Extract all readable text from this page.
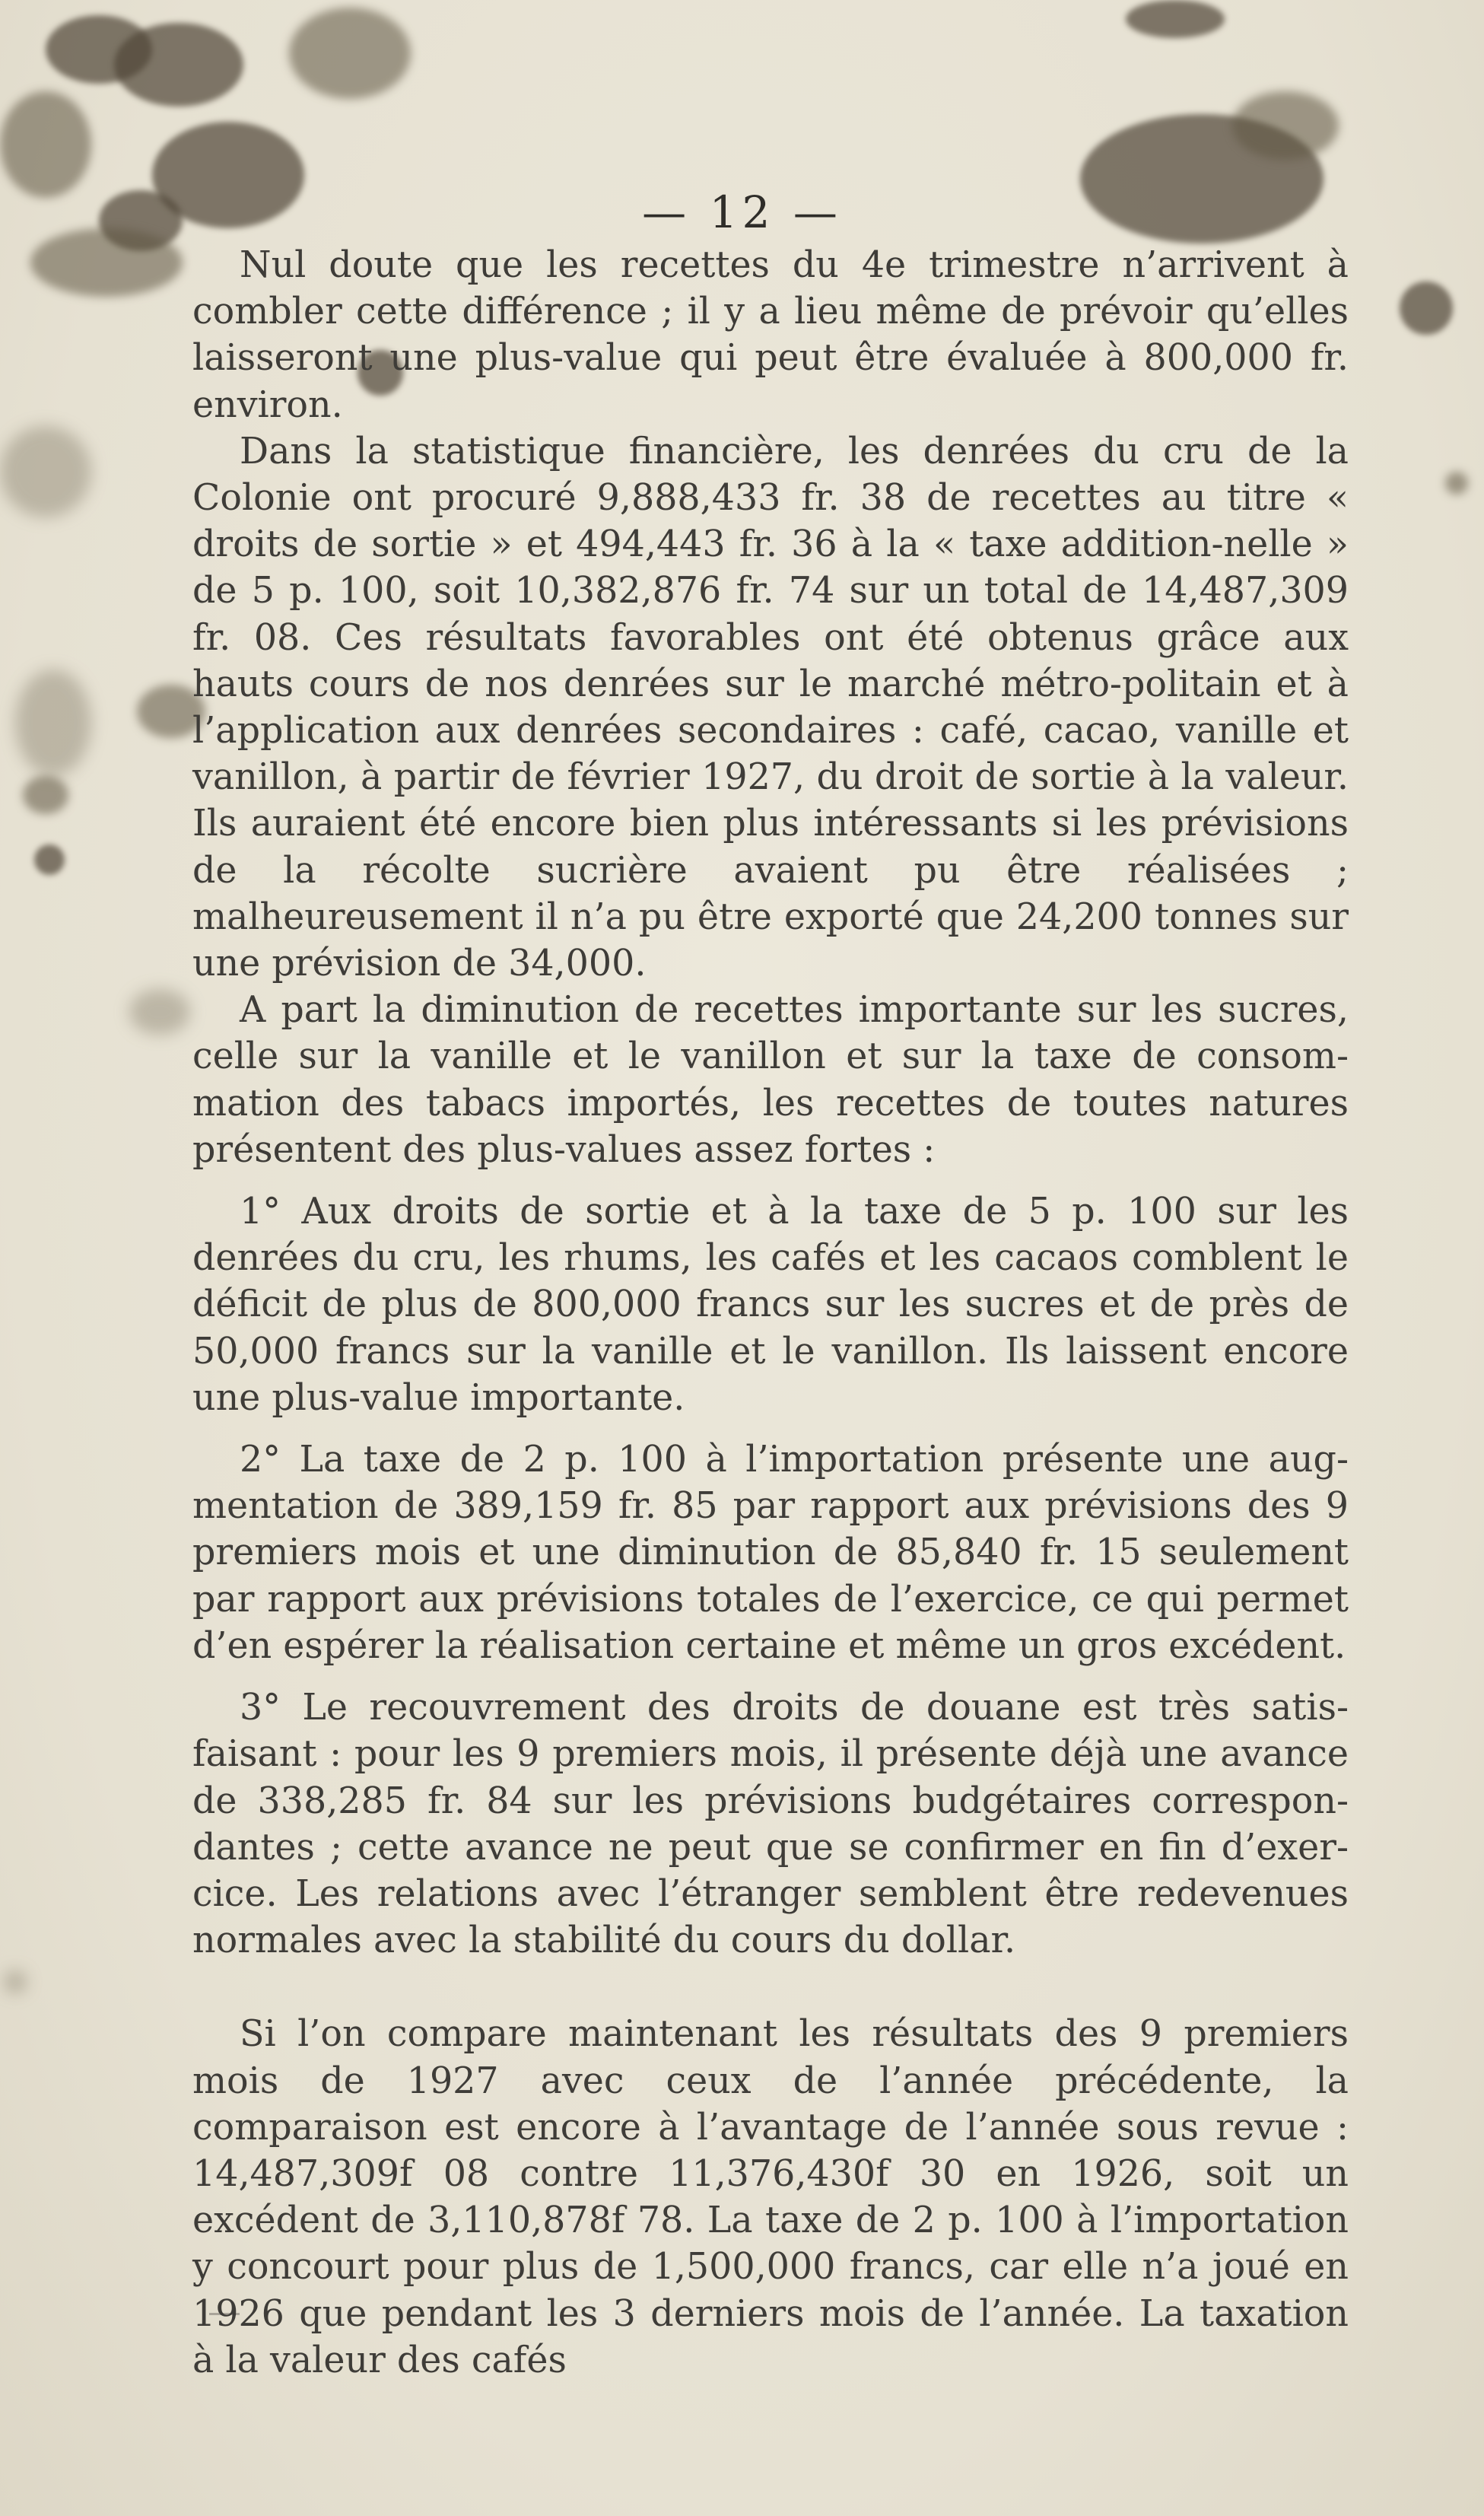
— 12 —

Nul doute que les recettes du 4e trimestre n’arrivent à combler cette différence ; il y a lieu même de prévoir qu’elles laisseront une plus-value qui peut être évaluée à 800,000 fr. environ.

Dans la statistique financière, les denrées du cru de la Colonie ont procuré 9,888,433 fr. 38 de recettes au titre « droits de sortie » et 494,443 fr. 36 à la « taxe addition-nelle » de 5 p. 100, soit 10,382,876 fr. 74 sur un total de 14,487,309 fr. 08. Ces résultats favorables ont été obtenus grâce aux hauts cours de nos denrées sur le marché métro-politain et à l’application aux denrées secondaires : café, cacao, vanille et vanillon, à partir de février 1927, du droit de sortie à la valeur. Ils auraient été encore bien plus intéressants si les prévisions de la récolte sucrière avaient pu être réalisées ; malheureusement il n’a pu être exporté que 24,200 tonnes sur une prévision de 34,000.

A part la diminution de recettes importante sur les sucres, celle sur la vanille et le vanillon et sur la taxe de consom-mation des tabacs importés, les recettes de toutes natures présentent des plus-values assez fortes :

1° Aux droits de sortie et à la taxe de 5 p. 100 sur les denrées du cru, les rhums, les cafés et les cacaos comblent le déficit de plus de 800,000 francs sur les sucres et de près de 50,000 francs sur la vanille et le vanillon. Ils laissent encore une plus-value importante.

2° La taxe de 2 p. 100 à l’importation présente une aug-mentation de 389,159 fr. 85 par rapport aux prévisions des 9 premiers mois et une diminution de 85,840 fr. 15 seulement par rapport aux prévisions totales de l’exercice, ce qui permet d’en espérer la réalisation certaine et même un gros excédent.

3° Le recouvrement des droits de douane est très satis-faisant : pour les 9 premiers mois, il présente déjà une avance de 338,285 fr. 84 sur les prévisions budgétaires correspon-dantes ; cette avance ne peut que se confirmer en fin d’exer-cice. Les relations avec l’étranger semblent être redevenues normales avec la stabilité du cours du dollar.

Si l’on compare maintenant les résultats des 9 premiers mois de 1927 avec ceux de l’année précédente, la comparaison est encore à l’avantage de l’année sous revue : 14,487,309f 08 contre 11,376,430f 30 en 1926, soit un excédent de 3,110,878f 78. La taxe de 2 p. 100 à l’importation y concourt pour plus de 1,500,000 francs, car elle n’a joué en 1926 que pendant les 3 derniers mois de l’année. La taxation à la valeur des cafés
